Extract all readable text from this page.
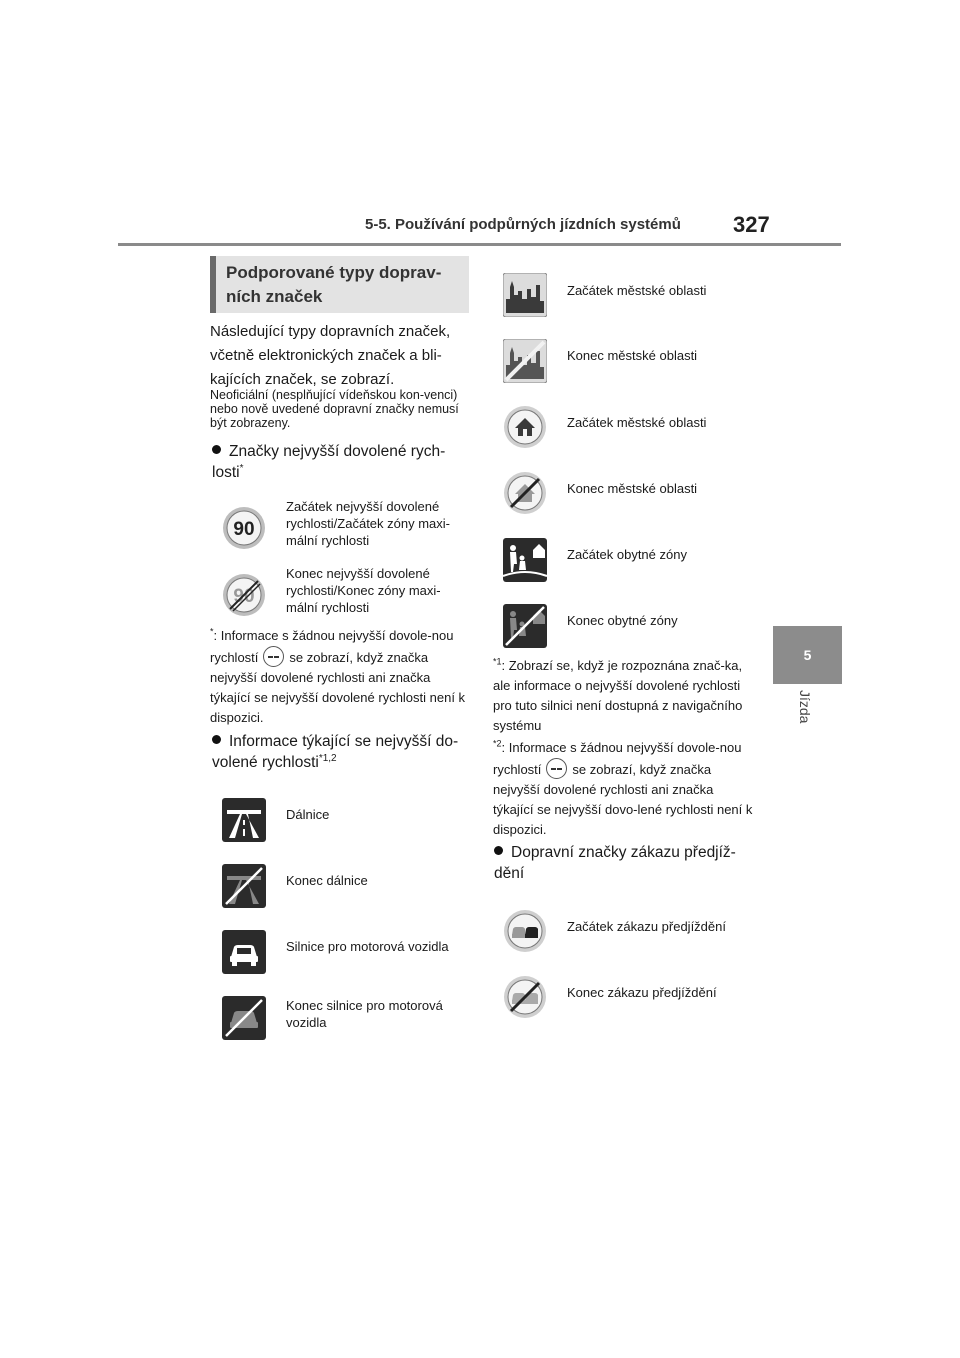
5-5. Používání podpůrných jízdních systémů 327
5
Jízda
Podporované typy doprav-ních značek
Následující typy dopravních značek, včetně elektronických značek a bli-kajících značek, se zobrazí.
Neoficiální (nesplňující vídeňskou kon-venci) nebo nově uvedené dopravní značky nemusí být zobrazeny.
Značky nejvyšší dovolené rych-losti*
90
Začátek nejvyšší dovolené rychlosti/Začátek zóny maxi-mální rychlosti
90
Konec nejvyšší dovolené rychlosti/Konec zóny maxi-mální rychlosti
*: Informace s žádnou nejvyšší dovole-nou rychlostí se zobrazí, když značka nejvyšší dovolené rychlosti ani značka týkající se nejvyšší dovolené rychlosti není k dispozici.
Informace týkající se nejvyšší do-volené rychlosti$^{*1,2}$
Dálnice
Konec dálnice
Silnice pro motorová vozidla
Konec silnice pro motorová vozidla
Začátek městské oblasti
Konec městské oblasti
Začátek městské oblasti
Konec městské oblasti
Začátek obytné zóny
Konec obytné zóny
$^{*1}$: Zobrazí se, když je rozpoznána znač-ka, ale informace o nejvyšší dovolené rychlosti pro tuto silnici není dostupná z navigačního systému
$^{*2}$: Informace s žádnou nejvyšší dovole-nou rychlostí se zobrazí, když značka nejvyšší dovolené rychlosti ani značka týkající se nejvyšší dovo-lené rychlosti není k dispozici.
Dopravní značky zákazu předjíž-dění
Začátek zákazu předjíždění
Konec zákazu předjíždění
